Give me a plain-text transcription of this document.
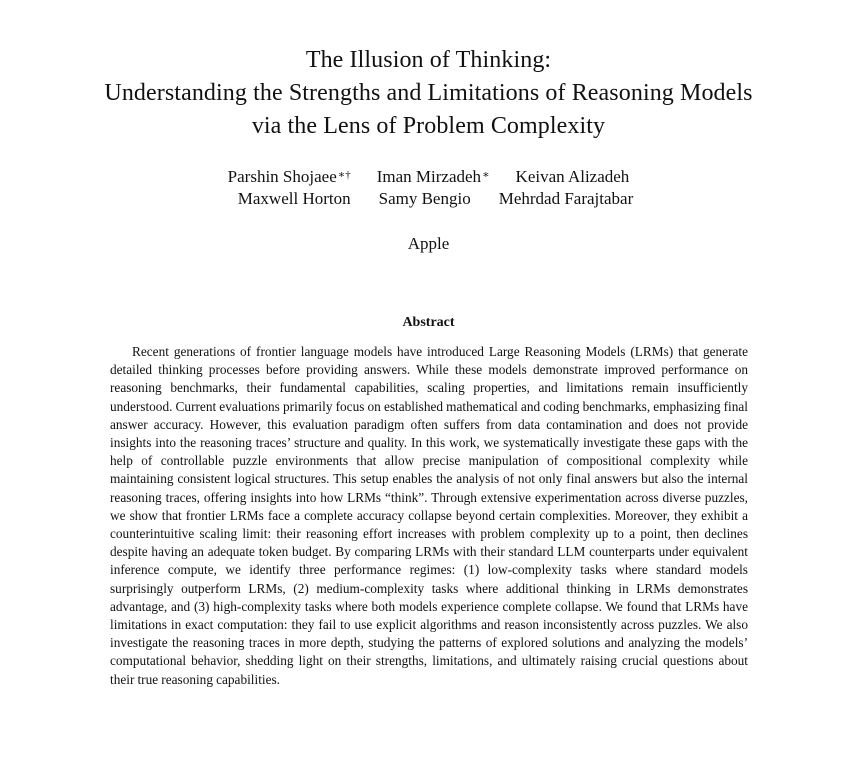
The Illusion of Thinking:
Understanding the Strengths and Limitations of Reasoning Models
via the Lens of Problem Complexity
Parshin Shojaee∗† Iman Mirzadeh∗ Keivan Alizadeh
Maxwell Horton Samy Bengio Mehrdad Farajtabar
Apple
Abstract

Recent generations of frontier language models have introduced Large Reasoning Models (LRMs) that generate detailed thinking processes before providing answers. While these models demonstrate improved performance on reasoning benchmarks, their fundamental capabilities, scaling properties, and limitations remain insufficiently understood. Current evaluations primarily focus on established mathematical and coding benchmarks, emphasizing final answer accuracy. However, this evaluation paradigm often suffers from data contamination and does not provide insights into the reasoning traces’ structure and quality. In this work, we systematically investigate these gaps with the help of controllable puzzle environments that allow precise manipulation of compositional complexity while maintaining consistent logical structures. This setup enables the analysis of not only final answers but also the internal reasoning traces, offering insights into how LRMs “think”. Through extensive experimentation across diverse puzzles, we show that frontier LRMs face a complete accuracy collapse beyond certain complexities. Moreover, they exhibit a counterintuitive scaling limit: their reasoning effort increases with problem complexity up to a point, then declines despite having an adequate token budget. By comparing LRMs with their standard LLM counterparts under equivalent inference compute, we identify three performance regimes: (1) low-complexity tasks where standard models surprisingly outperform LRMs, (2) medium-complexity tasks where additional thinking in LRMs demonstrates advantage, and (3) high-complexity tasks where both models experience complete collapse. We found that LRMs have limitations in exact computation: they fail to use explicit algorithms and reason inconsistently across puzzles. We also investigate the reasoning traces in more depth, studying the patterns of explored solutions and analyzing the models’ computational behavior, shedding light on their strengths, limitations, and ultimately raising crucial questions about their true reasoning capabilities.
